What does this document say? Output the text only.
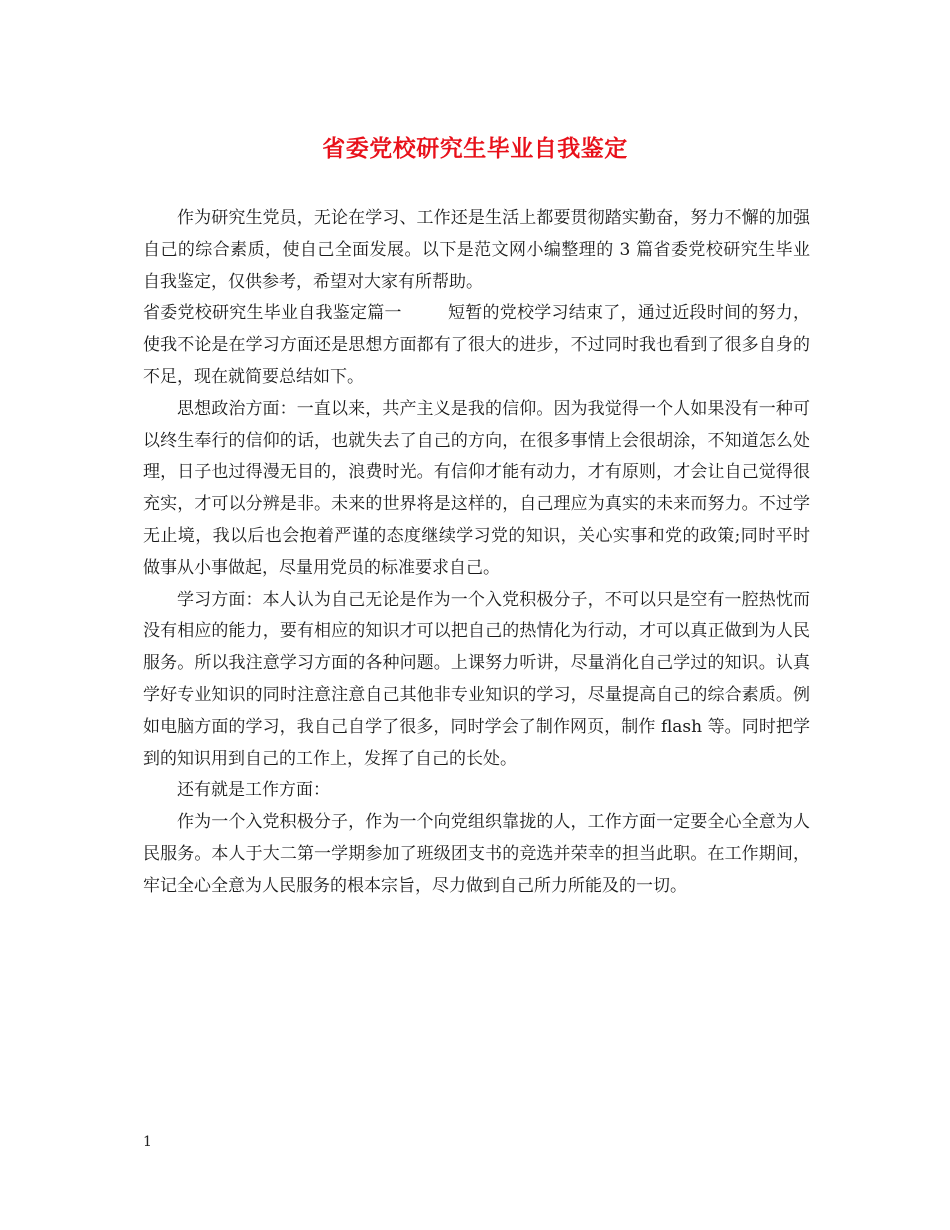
省委党校研究生毕业自我鉴定

作为研究生党员，无论在学习、工作还是生活上都要贯彻踏实勤奋，努力不懈的加强自己的综合素质，使自己全面发展。以下是范文网小编整理的 3 篇省委党校研究生毕业自我鉴定，仅供参考，希望对大家有所帮助。

省委党校研究生毕业自我鉴定篇一	短暂的党校学习结束了，通过近段时间的努力，使我不论是在学习方面还是思想方面都有了很大的进步，不过同时我也看到了很多自身的不足，现在就简要总结如下。

思想政治方面：一直以来，共产主义是我的信仰。因为我觉得一个人如果没有一种可以终生奉行的信仰的话，也就失去了自己的方向，在很多事情上会很胡涂，不知道怎么处理，日子也过得漫无目的，浪费时光。有信仰才能有动力，才有原则，才会让自己觉得很充实，才可以分辨是非。未来的世界将是这样的，自己理应为真实的未来而努力。不过学无止境，我以后也会抱着严谨的态度继续学习党的知识，关心实事和党的政策;同时平时做事从小事做起，尽量用党员的标准要求自己。

学习方面：本人认为自己无论是作为一个入党积极分子，不可以只是空有一腔热忱而没有相应的能力，要有相应的知识才可以把自己的热情化为行动，才可以真正做到为人民服务。所以我注意学习方面的各种问题。上课努力听讲，尽量消化自己学过的知识。认真学好专业知识的同时注意注意自己其他非专业知识的学习，尽量提高自己的综合素质。例如电脑方面的学习，我自己自学了很多，同时学会了制作网页，制作 flash 等。同时把学到的知识用到自己的工作上，发挥了自己的长处。

还有就是工作方面：

作为一个入党积极分子，作为一个向党组织靠拢的人，工作方面一定要全心全意为人民服务。本人于大二第一学期参加了班级团支书的竞选并荣幸的担当此职。在工作期间，牢记全心全意为人民服务的根本宗旨，尽力做到自己所力所能及的一切。

1
